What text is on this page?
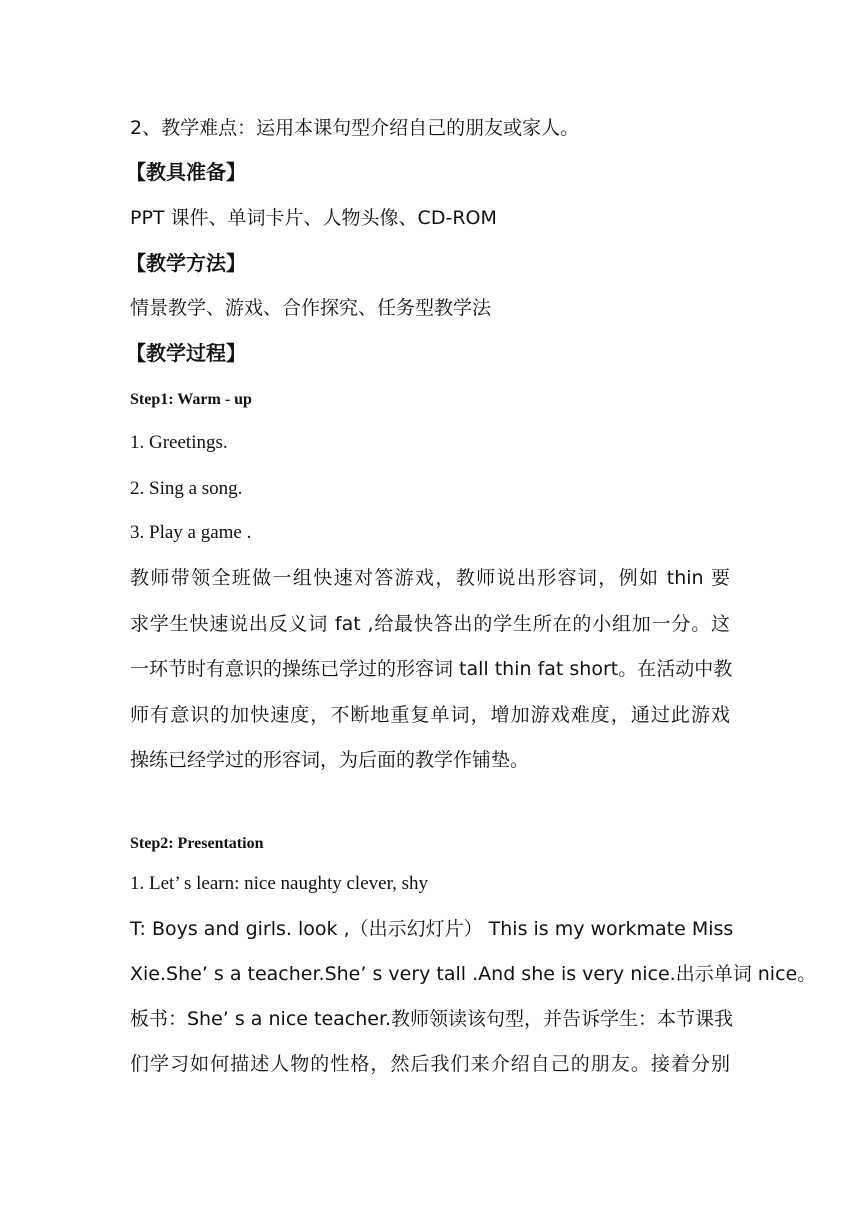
2、教学难点：运用本课句型介绍自己的朋友或家人。
【教具准备】
PPT 课件、单词卡片、人物头像、CD-ROM
【教学方法】
情景教学、游戏、合作探究、任务型教学法
【教学过程】
Step1: Warm - up
1. Greetings.
2. Sing a song.
3. Play a game .
教师带领全班做一组快速对答游戏，教师说出形容词，例如 thin 要
求学生快速说出反义词 fat ,给最快答出的学生所在的小组加一分。这
一环节时有意识的操练已学过的形容词 tall thin fat short。在活动中教
师有意识的加快速度，不断地重复单词，增加游戏难度，通过此游戏
操练已经学过的形容词，为后面的教学作铺垫。
Step2: Presentation
1. Let’ s learn: nice naughty clever, shy
T: Boys and girls. look ,（出示幻灯片） This is my workmate Miss
Xie.She’ s a teacher.She’ s very tall .And she is very nice.出示单词 nice。
板书：She’ s a nice teacher.教师领读该句型，并告诉学生：本节课我
们学习如何描述人物的性格，然后我们来介绍自己的朋友。接着分别
